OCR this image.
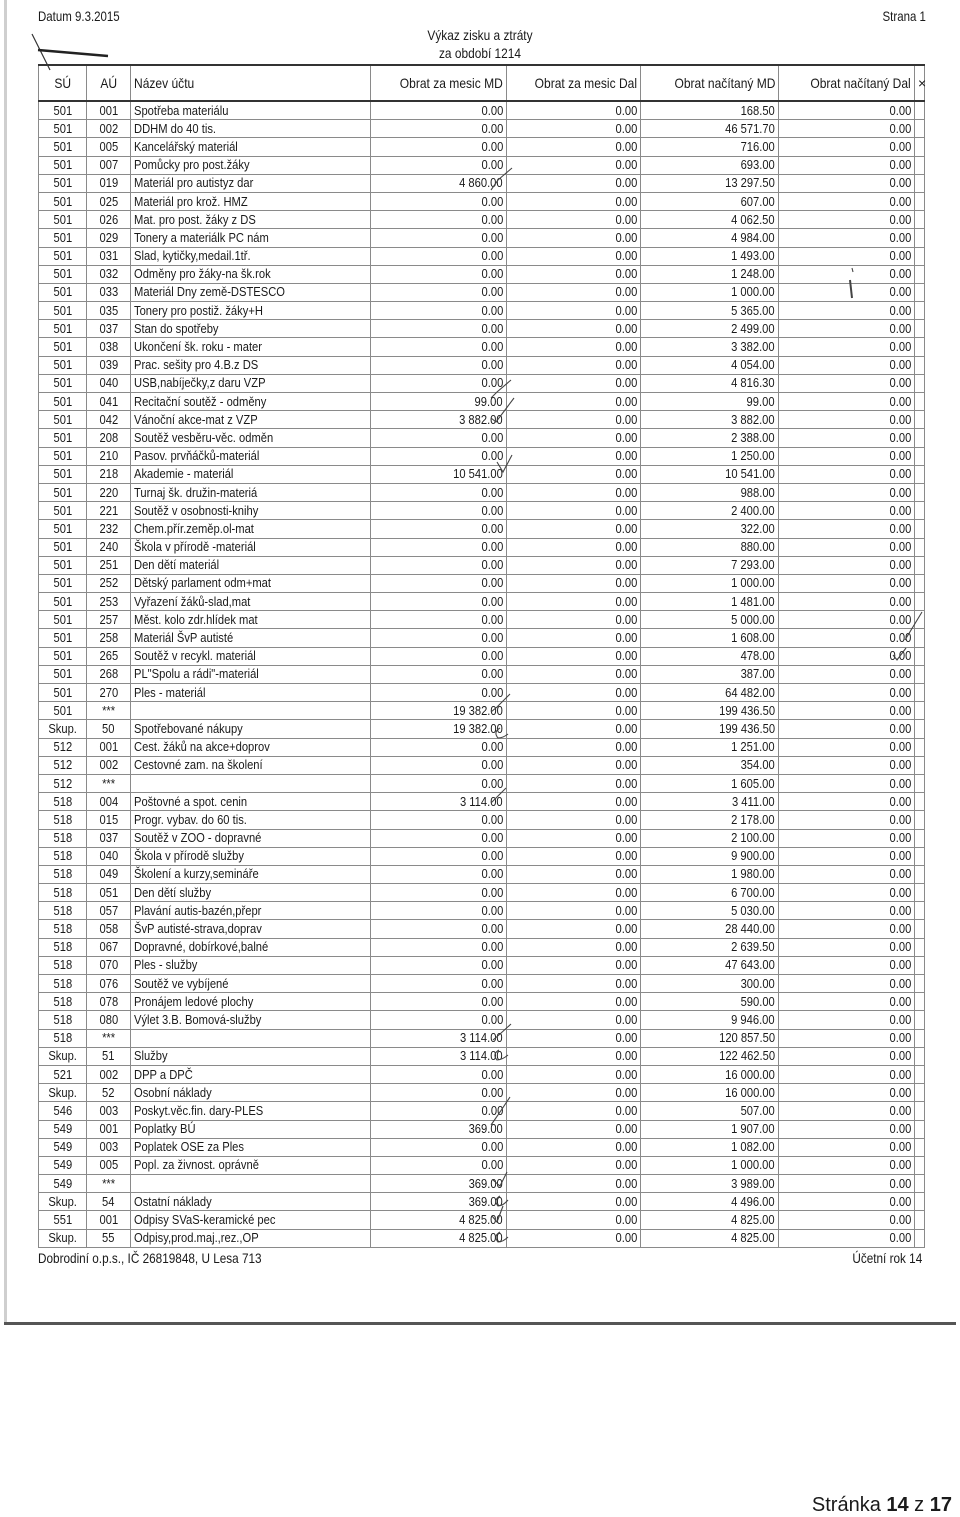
Datum 9.3.2015	Strana 1
Výkaz zisku a ztráty
za období 1214
SÚ	AÚ	Název účtu	Obrat za mesic MD	Obrat za mesic Dal	Obrat načítaný MD	Obrat načítaný Dal	×
501	001	Spotřeba materiálu	0.00	0.00	168.50	0.00	
501	002	DDHM do 40 tis.	0.00	0.00	46 571.70	0.00	
501	005	Kancelářský materiál	0.00	0.00	716.00	0.00	
501	007	Pomůcky pro post.žáky	0.00	0.00	693.00	0.00	
501	019	Materiál pro autistyz dar	4 860.00	0.00	13 297.50	0.00	
501	025	Materiál pro krož. HMZ	0.00	0.00	607.00	0.00	
501	026	Mat. pro post. žáky z DS	0.00	0.00	4 062.50	0.00	
501	029	Tonery a materiálk PC nám	0.00	0.00	4 984.00	0.00	
501	031	Slad, kytičky,medail.1tř.	0.00	0.00	1 493.00	0.00	
501	032	Odměny pro žáky-na šk.rok	0.00	0.00	1 248.00	0.00	
501	033	Materiál Dny země-DSTESCO	0.00	0.00	1 000.00	0.00	
501	035	Tonery pro postiž. žáky+H	0.00	0.00	5 365.00	0.00	
501	037	Stan do spotřeby	0.00	0.00	2 499.00	0.00	
501	038	Ukončení šk. roku - mater	0.00	0.00	3 382.00	0.00	
501	039	Prac. sešity pro 4.B.z DS	0.00	0.00	4 054.00	0.00	
501	040	USB,nabíječky,z daru VZP	0.00	0.00	4 816.30	0.00	
501	041	Recitační soutěž - odměny	99.00	0.00	99.00	0.00	
501	042	Vánoční akce-mat z VZP	3 882.00	0.00	3 882.00	0.00	
501	208	Soutěž vesběru-věc. odměn	0.00	0.00	2 388.00	0.00	
501	210	Pasov. prvňáčků-materiál	0.00	0.00	1 250.00	0.00	
501	218	Akademie - materiál	10 541.00	0.00	10 541.00	0.00	
501	220	Turnaj šk. družin-materiá	0.00	0.00	988.00	0.00	
501	221	Soutěž v osobnosti-knihy	0.00	0.00	2 400.00	0.00	
501	232	Chem.přír.zeměp.ol-mat	0.00	0.00	322.00	0.00	
501	240	Škola v přírodě -materiál	0.00	0.00	880.00	0.00	
501	251	Den dětí materiál	0.00	0.00	7 293.00	0.00	
501	252	Dětský parlament odm+mat	0.00	0.00	1 000.00	0.00	
501	253	Vyřazení žáků-slad,mat	0.00	0.00	1 481.00	0.00	
501	257	Měst. kolo zdr.hlídek mat	0.00	0.00	5 000.00	0.00	
501	258	Materiál ŠvP autisté	0.00	0.00	1 608.00	0.00	
501	265	Soutěž v recykl. materiál	0.00	0.00	478.00	0.00	
501	268	PL"Spolu a rádi"-materiál	0.00	0.00	387.00	0.00	
501	270	Ples - materiál	0.00	0.00	64 482.00	0.00	
501	***		19 382.00	0.00	199 436.50	0.00	
Skup.	50	Spotřebované nákupy	19 382.00	0.00	199 436.50	0.00	
512	001	Cest. žáků na akce+doprov	0.00	0.00	1 251.00	0.00	
512	002	Cestovné zam. na školení	0.00	0.00	354.00	0.00	
512	***		0.00	0.00	1 605.00	0.00	
518	004	Poštovné a spot. cenin	3 114.00	0.00	3 411.00	0.00	
518	015	Progr. vybav. do 60 tis.	0.00	0.00	2 178.00	0.00	
518	037	Soutěž v ZOO - dopravné	0.00	0.00	2 100.00	0.00	
518	040	Škola v přírodě služby	0.00	0.00	9 900.00	0.00	
518	049	Školení a kurzy,semináře	0.00	0.00	1 980.00	0.00	
518	051	Den dětí služby	0.00	0.00	6 700.00	0.00	
518	057	Plavání autis-bazén,přepr	0.00	0.00	5 030.00	0.00	
518	058	ŠvP autisté-strava,doprav	0.00	0.00	28 440.00	0.00	
518	067	Dopravné, dobírkové,balné	0.00	0.00	2 639.50	0.00	
518	070	Ples - služby	0.00	0.00	47 643.00	0.00	
518	076	Soutěž ve vybíjené	0.00	0.00	300.00	0.00	
518	078	Pronájem ledové plochy	0.00	0.00	590.00	0.00	
518	080	Výlet 3.B. Bomová-služby	0.00	0.00	9 946.00	0.00	
518	***		3 114.00	0.00	120 857.50	0.00	
Skup.	51	Služby	3 114.00	0.00	122 462.50	0.00	
521	002	DPP a DPČ	0.00	0.00	16 000.00	0.00	
Skup.	52	Osobní náklady	0.00	0.00	16 000.00	0.00	
546	003	Poskyt.věc.fin. dary-PLES	0.00	0.00	507.00	0.00	
549	001	Poplatky BÚ	369.00	0.00	1 907.00	0.00	
549	003	Poplatek OSE za Ples	0.00	0.00	1 082.00	0.00	
549	005	Popl. za živnost. oprávně	0.00	0.00	1 000.00	0.00	
549	***		369.00	0.00	3 989.00	0.00	
Skup.	54	Ostatní náklady	369.00	0.00	4 496.00	0.00	
551	001	Odpisy SVaS-keramické pec	4 825.00	0.00	4 825.00	0.00	
Skup.	55	Odpisy,prod.maj.,rez.,OP	4 825.00	0.00	4 825.00	0.00	
Dobrodiní o.p.s., IČ 26819848, U Lesa 713	Účetní rok 14
Stránka 14 z 17
